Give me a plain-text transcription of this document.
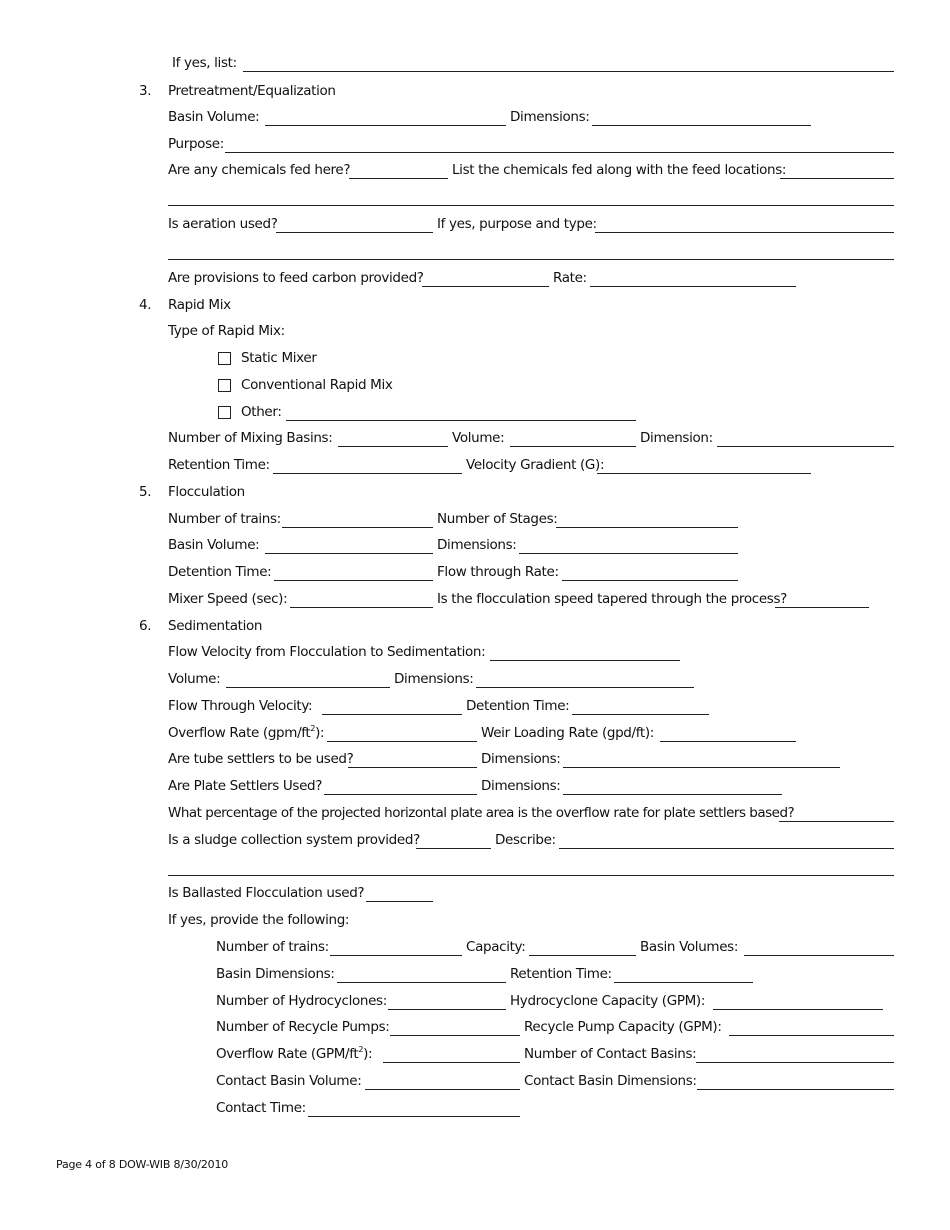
If yes, list:
3. Pretreatment/Equalization
Basin Volume:	Dimensions:
Purpose:
Are any chemicals fed here?	List the chemicals fed along with the feed locations:
Is aeration used?	If yes, purpose and type:
Are provisions to feed carbon provided?	Rate:
4. Rapid Mix
Type of Rapid Mix:
Static Mixer
Conventional Rapid Mix
Other:
Number of Mixing Basins:	Volume:	Dimension:
Retention Time:	Velocity Gradient (G):
5. Flocculation
Number of trains:	Number of Stages:
Basin Volume:	Dimensions:
Detention Time:	Flow through Rate:
Mixer Speed (sec):	Is the flocculation speed tapered through the process?
6. Sedimentation
Flow Velocity from Flocculation to Sedimentation:
Volume:	Dimensions:
Flow Through Velocity:	Detention Time:
Overflow Rate $(gpm/ft^2)$:	Weir Loading Rate (gpd/ft):
Are tube settlers to be used?	Dimensions:
Are Plate Settlers Used?	Dimensions:
What percentage of the projected horizontal plate area is the overflow rate for plate settlers based?
Is a sludge collection system provided?	Describe:
Is Ballasted Flocculation used?
If yes, provide the following:
Number of trains:	Capacity:	Basin Volumes:
Basin Dimensions:	Retention Time:
Number of Hydrocyclones:	Hydrocyclone Capacity (GPM):
Number of Recycle Pumps:	Recycle Pump Capacity (GPM):
Overflow Rate $(GPM/ft^2)$:	Number of Contact Basins:
Contact Basin Volume:	Contact Basin Dimensions:
Contact Time:
Page 4 of 8 DOW-WIB 8/30/2010
